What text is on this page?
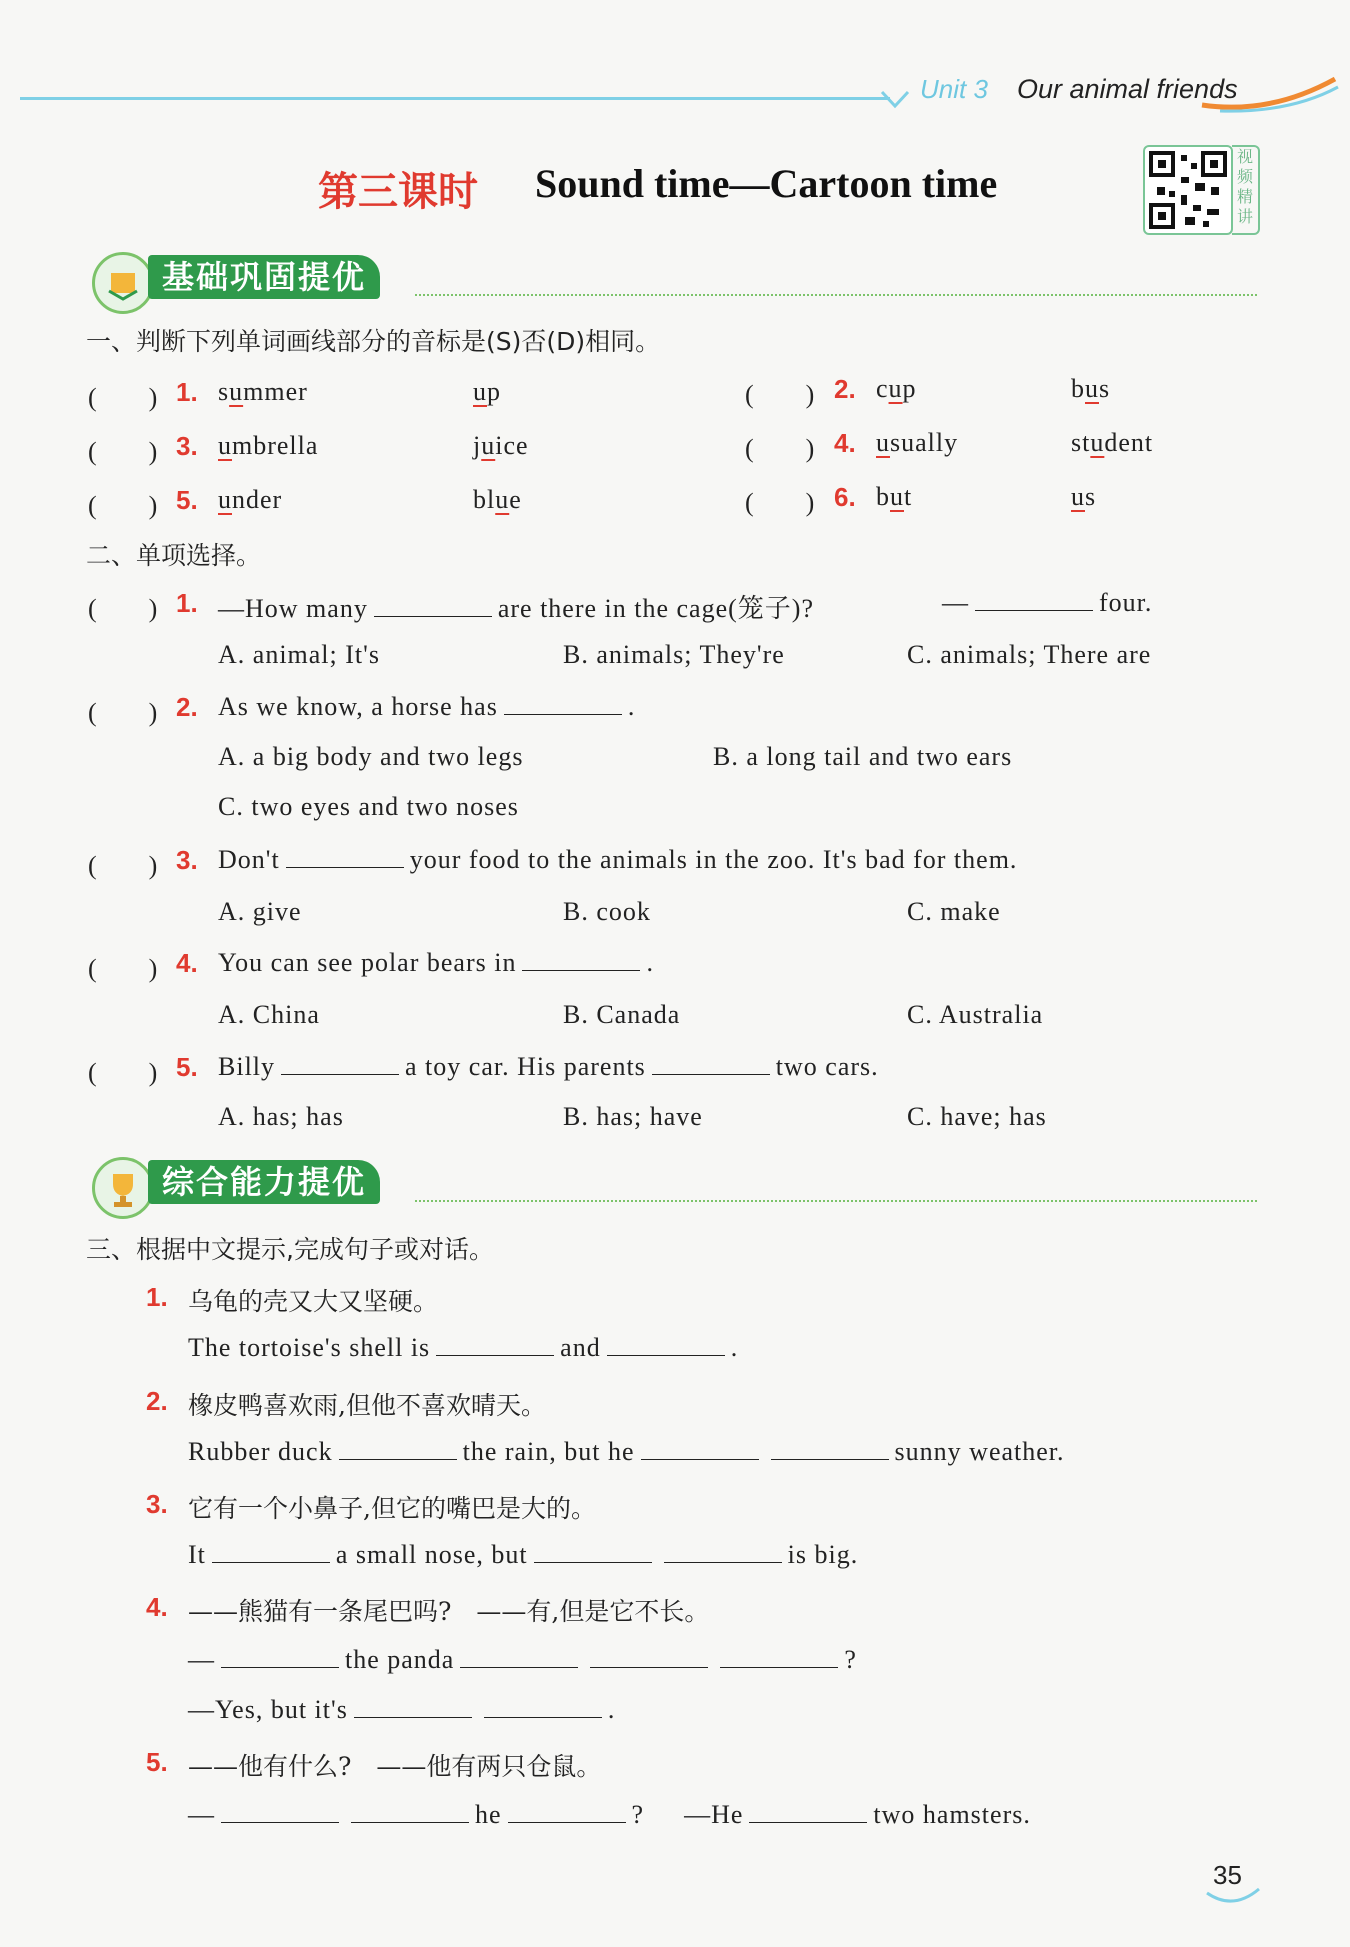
Unit 3 Our animal friends
第三课时 Sound time—Cartoon time
视
频
精
讲
基础巩固提优
一、判断下列单词画线部分的音标是(S)否(D)相同。
(　　) 1. summer	up	(　　) 2. cup	bus
(　　) 3. umbrella	juice	(　　) 4. usually	student
(　　) 5. under	blue	(　　) 6. but	us
二、单项选择。
(　　) 1. —How many	are there in the cage(笼子)?	—	four.
A. animal; It's	B. animals; They're	C. animals; There are
(　　) 2. As we know, a horse has	.
A. a big body and two legs	B. a long tail and two ears
C. two eyes and two noses
(　　) 3. Don't	your food to the animals in the zoo. It's bad for them.
A. give	B. cook	C. make
(　　) 4. You can see polar bears in	.
A. China	B. Canada	C. Australia
(　　) 5. Billy	a toy car. His parents	two cars.
A. has; has	B. has; have	C. have; has
综合能力提优
三、根据中文提示,完成句子或对话。
1. 乌龟的壳又大又坚硬。
The tortoise's shell is	and	.
2. 橡皮鸭喜欢雨,但他不喜欢晴天。
Rubber duck	the rain, but he	sunny weather.
3. 它有一个小鼻子,但它的嘴巴是大的。
It	a small nose, but	is big.
4. ——熊猫有一条尾巴吗?　——有,但是它不长。
—	the panda	?
—Yes, but it's	.
5. ——他有什么?　——他有两只仓鼠。
—	he	? —He	two hamsters.
35
